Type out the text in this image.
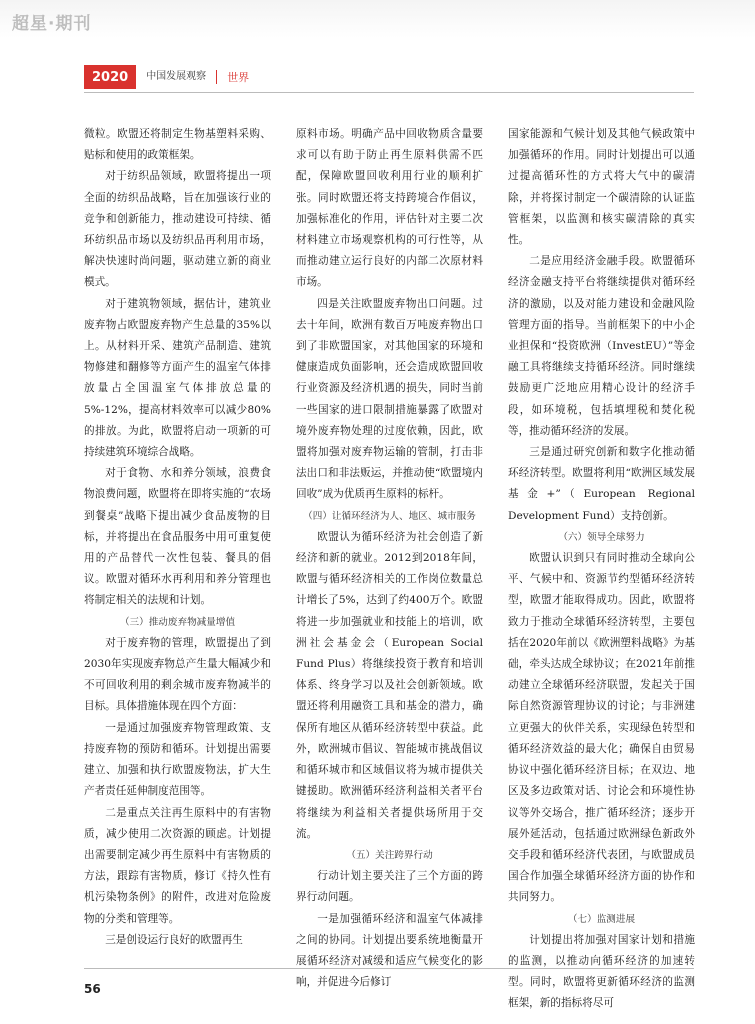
超星·期刊
2020	中国发展观察	世界

微粒。欧盟还将制定生物基塑料采购、贴标和使用的政策框架。

对于纺织品领域，欧盟将提出一项全面的纺织品战略，旨在加强该行业的竞争和创新能力，推动建设可持续、循环纺织品市场以及纺织品再利用市场，解决快速时尚问题，驱动建立新的商业模式。

对于建筑物领域，据估计，建筑业废弃物占欧盟废弃物产生总量的35%以上。从材料开采、建筑产品制造、建筑物修建和翻修等方面产生的温室气体排放量占全国温室气体排放总量的5%-12%，提高材料效率可以减少80%的排放。为此，欧盟将启动一项新的可持续建筑环境综合战略。

对于食物、水和养分领域，浪费食物浪费问题，欧盟将在即将实施的“农场到餐桌”战略下提出减少食品废物的目标，并将提出在食品服务中用可重复使用的产品替代一次性包装、餐具的倡议。欧盟对循环水再利用和养分管理也将制定相关的法规和计划。

（三）推动废弃物减量增值

对于废弃物的管理，欧盟提出了到2030年实现废弃物总产生量大幅减少和不可回收利用的剩余城市废弃物减半的目标。具体措施体现在四个方面：

一是通过加强废弃物管理政策、支持废弃物的预防和循环。计划提出需要建立、加强和执行欧盟废物法，扩大生产者责任延伸制度范围等。

二是重点关注再生原料中的有害物质，减少使用二次资源的顾虑。计划提出需要制定减少再生原料中有害物质的方法，跟踪有害物质，修订《持久性有机污染物条例》的附件，改进对危险废物的分类和管理等。

三是创设运行良好的欧盟再生

原料市场。明确产品中回收物质含量要求可以有助于防止再生原料供需不匹配，保障欧盟回收利用行业的顺利扩张。同时欧盟还将支持跨境合作倡议，加强标准化的作用，评估针对主要二次材料建立市场观察机构的可行性等，从而推动建立运行良好的内部二次原材料市场。

四是关注欧盟废弃物出口问题。过去十年间，欧洲有数百万吨废弃物出口到了非欧盟国家，对其他国家的环境和健康造成负面影响，还会造成欧盟回收行业资源及经济机遇的损失，同时当前一些国家的进口限制措施暴露了欧盟对境外废弃物处理的过度依赖，因此，欧盟将加强对废弃物运输的管制，打击非法出口和非法贩运，并推动使“欧盟境内回收”成为优质再生原料的标杆。

（四）让循环经济为人、地区、城市服务

欧盟认为循环经济为社会创造了新经济和新的就业。2012到2018年间，欧盟与循环经济相关的工作岗位数量总计增长了5%，达到了约400万个。欧盟将进一步加强就业和技能上的培训，欧洲社会基金会（European Social Fund Plus）将继续投资于教育和培训体系、终身学习以及社会创新领域。欧盟还将利用融资工具和基金的潜力，确保所有地区从循环经济转型中获益。此外，欧洲城市倡议、智能城市挑战倡议和循环城市和区域倡议将为城市提供关键援助。欧洲循环经济利益相关者平台将继续为利益相关者提供场所用于交流。

（五）关注跨界行动

行动计划主要关注了三个方面的跨界行动问题。

一是加强循环经济和温室气体减排之间的协同。计划提出要系统地衡量开展循环经济对减缓和适应气候变化的影响，并促进今后修订

国家能源和气候计划及其他气候政策中加强循环的作用。同时计划提出可以通过提高循环性的方式将大气中的碳清除，并将探讨制定一个碳清除的认证监管框架，以监测和核实碳清除的真实性。

二是应用经济金融手段。欧盟循环经济金融支持平台将继续提供对循环经济的激励，以及对能力建设和金融风险管理方面的指导。当前框架下的中小企业担保和“投资欧洲（InvestEU）”等金融工具将继续支持循环经济。同时继续鼓励更广泛地应用精心设计的经济手段，如环境税，包括填埋税和焚化税等，推动循环经济的发展。

三是通过研究创新和数字化推动循环经济转型。欧盟将利用“欧洲区域发展基金+”（European Regional Development Fund）支持创新。

（六）领导全球努力

欧盟认识到只有同时推动全球向公平、气候中和、资源节约型循环经济转型，欧盟才能取得成功。因此，欧盟将致力于推动全球循环经济转型，主要包括在2020年前以《欧洲塑料战略》为基础，牵头达成全球协议；在2021年前推动建立全球循环经济联盟，发起关于国际自然资源管理协议的讨论；与非洲建立更强大的伙伴关系，实现绿色转型和循环经济效益的最大化；确保自由贸易协议中强化循环经济目标；在双边、地区及多边政策对话、讨论会和环境性协议等外交场合，推广循环经济；逐步开展外延活动，包括通过欧洲绿色新政外交手段和循环经济代表团，与欧盟成员国合作加强全球循环经济方面的协作和共同努力。

（七）监测进展

计划提出将加强对国家计划和措施的监测，以推动向循环经济的加速转型。同时，欧盟将更新循环经济的监测框架，新的指标将尽可

56
